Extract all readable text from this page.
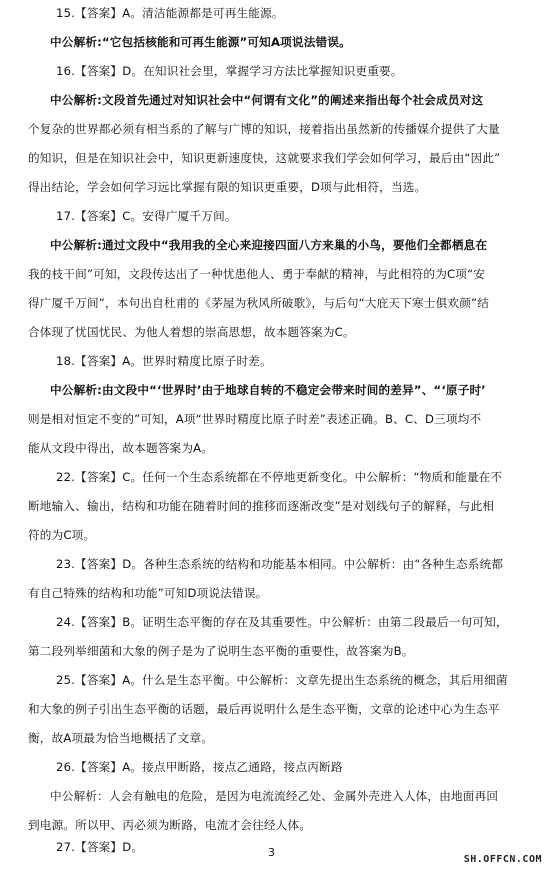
15.【答案】A。清洁能源都是可再生能源。
中公解析:“它包括核能和可再生能源”可知A项说法错误。
16.【答案】D。在知识社会里，掌握学习方法比掌握知识更重要。
中公解析:文段首先通过对知识社会中“何谓有文化”的阐述来指出每个社会成员对这
个复杂的世界都必须有相当系的了解与广博的知识，接着指出虽然新的传播媒介提供了大量
的知识，但是在知识社会中，知识更新速度快，这就要求我们学会如何学习，最后由“因此”
得出结论，学会如何学习远比掌握有限的知识更重要，D项与此相符，当选。
17.【答案】C。安得广厦千万间。
中公解析:通过文段中“我用我的全心来迎接四面八方来巢的小鸟，要他们全都栖息在
我的枝干间”可知，文段传达出了一种忧患他人、勇于奉献的精神，与此相符的为C项“安
得广厦千万间”，本句出自杜甫的《茅屋为秋风所破歌》，与后句“大庇天下寒士俱欢颜”结
合体现了忧国忧民、为他人着想的崇高思想，故本题答案为C。
18.【答案】A。世界时精度比原子时差。
中公解析:由文段中“‘世界时’由于地球自转的不稳定会带来时间的差异”、“‘原子时’
则是相对恒定不变的”可知，A项“世界时精度比原子时差”表述正确。B、C、D三项均不
能从文段中得出，故本题答案为A。
22.【答案】C。任何一个生态系统都在不停地更新变化。中公解析：“物质和能量在不
断地输入、输出，结构和功能在随着时间的推移而逐渐改变”是对划线句子的解释，与此相
符的为C项。
23.【答案】D。各种生态系统的结构和功能基本相同。中公解析：由“各种生态系统都
有自己特殊的结构和功能”可知D项说法错误。
24.【答案】B。证明生态平衡的存在及其重要性。中公解析：由第二段最后一句可知，
第二段列举细菌和大象的例子是为了说明生态平衡的重要性，故答案为B。
25.【答案】A。什么是生态平衡。中公解析：文章先提出生态系统的概念，其后用细菌
和大象的例子引出生态平衡的话题，最后再说明什么是生态平衡，文章的论述中心为生态平
衡，故A项最为恰当地概括了文章。
26.【答案】A。接点甲断路，接点乙通路，接点丙断路
中公解析：人会有触电的危险，是因为电流流经乙处、金属外壳进入人体，由地面再回
到电源。所以甲、丙必须为断路，电流才会往经人体。
27.【答案】D。	3
SH.OFFCN.COM
